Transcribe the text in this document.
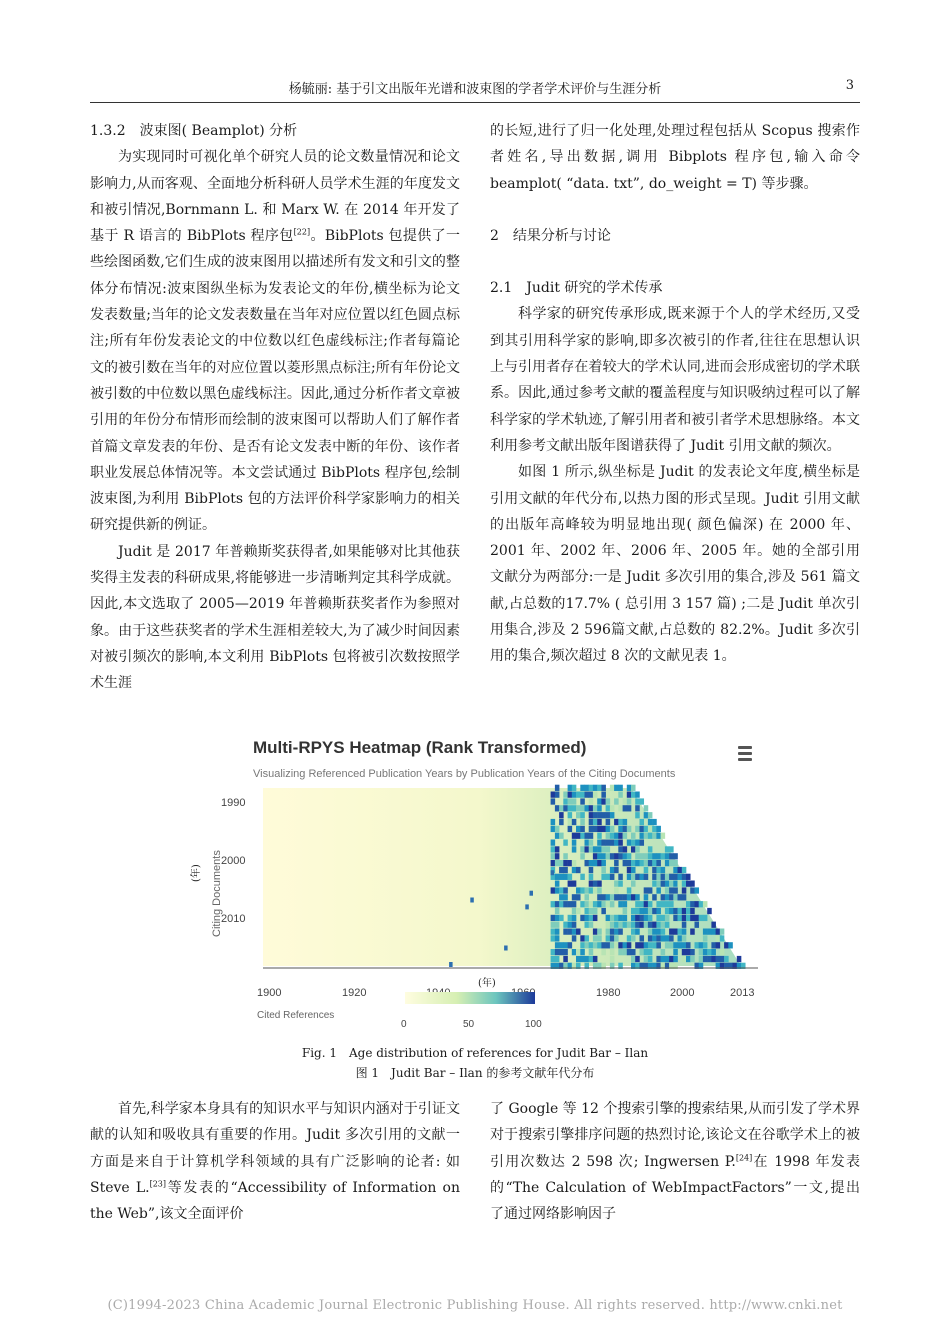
杨毓丽: 基于引文出版年光谱和波束图的学者学术评价与生涯分析	3

1.3.2　波束图( Beamplot) 分析

为实现同时可视化单个研究人员的论文数量情况和论文影响力,从而客观、全面地分析科研人员学术生涯的年度发文和被引情况,Bornmann L. 和 Marx W. 在 2014 年开发了基于 R 语言的 BibPlots 程序包[22]。BibPlots 包提供了一些绘图函数,它们生成的波束图用以描述所有发文和引文的整体分布情况:波束图纵坐标为发表论文的年份,横坐标为论文发表数量;当年的论文发表数量在当年对应位置以红色圆点标注;所有年份发表论文的中位数以红色虚线标注;作者每篇论文的被引数在当年的对应位置以菱形黑点标注;所有年份论文被引数的中位数以黑色虚线标注。因此,通过分析作者文章被引用的年份分布情形而绘制的波束图可以帮助人们了解作者首篇文章发表的年份、是否有论文发表中断的年份、该作者职业发展总体情况等。本文尝试通过 BibPlots 程序包,绘制波束图,为利用 BibPlots 包的方法评价科学家影响力的相关研究提供新的例证。

Judit 是 2017 年普赖斯奖获得者,如果能够对比其他获奖得主发表的科研成果,将能够进一步清晰判定其科学成就。因此,本文选取了 2005—2019 年普赖斯获奖者作为参照对象。由于这些获奖者的学术生涯相差较大,为了减少时间因素对被引频次的影响,本文利用 BibPlots 包将被引次数按照学术生涯

的长短,进行了归一化处理,处理过程包括从 Scopus 搜索作者姓名,导出数据,调用 Bibplots 程序包,输入命令 beamplot( “data. txt”, do_weight = T) 等步骤。

2　结果分析与讨论

2.1　Judit 研究的学术传承

科学家的研究传承形成,既来源于个人的学术经历,又受到其引用科学家的影响,即多次被引的作者,往往在思想认识上与引用者存在着较大的学术认同,进而会形成密切的学术联系。因此,通过参考文献的覆盖程度与知识吸纳过程可以了解科学家的学术轨迹,了解引用者和被引者学术思想脉络。本文利用参考文献出版年图谱获得了 Judit 引用文献的频次。

如图 1 所示,纵坐标是 Judit 的发表论文年度,横坐标是引用文献的年代分布,以热力图的形式呈现。Judit 引用文献的出版年高峰较为明显地出现( 颜色偏深) 在 2000 年、2001 年、2002 年、2006 年、2005 年。她的全部引用文献分为两部分:一是 Judit 多次引用的集合,涉及 561 篇文献,占总数的17.7% ( 总引用 3 157 篇) ;二是 Judit 单次引用集合,涉及 2 596篇文献,占总数的 82.2%。Judit 多次引用的集合,频次超过 8 次的文献见表 1。

Multi-RPYS Heatmap (Rank Transformed)

Visualizing Referenced Publication Years by Publication Years of the Citing Documents

1990
2000
2010
Citing Documents
(年)
1900	1920	1980	2000	2013
(年)
Cited References
0	50	100
Fig. 1　Age distribution of references for Judit Bar – Ilan
图 1　Judit Bar – Ilan 的参考文献年代分布

首先,科学家本身具有的知识水平与知识内涵对于引证文献的认知和吸收具有重要的作用。Judit 多次引用的文献一方面是来自于计算机学科领域的具有广泛影响的论者: 如 Steve L.[23]等发表的“Accessibility of Information on the Web”,该文全面评价

了 Google 等 12 个搜索引擎的搜索结果,从而引发了学术界对于搜索引擎排序问题的热烈讨论,该论文在谷歌学术上的被引用次数达 2 598 次; Ingwersen P.[24]在 1998 年发表的“The Calculation of WebImpactFactors”一文,提出了通过网络影响因子

(C)1994-2023 China Academic Journal Electronic Publishing House. All rights reserved. http://www.cnki.net
